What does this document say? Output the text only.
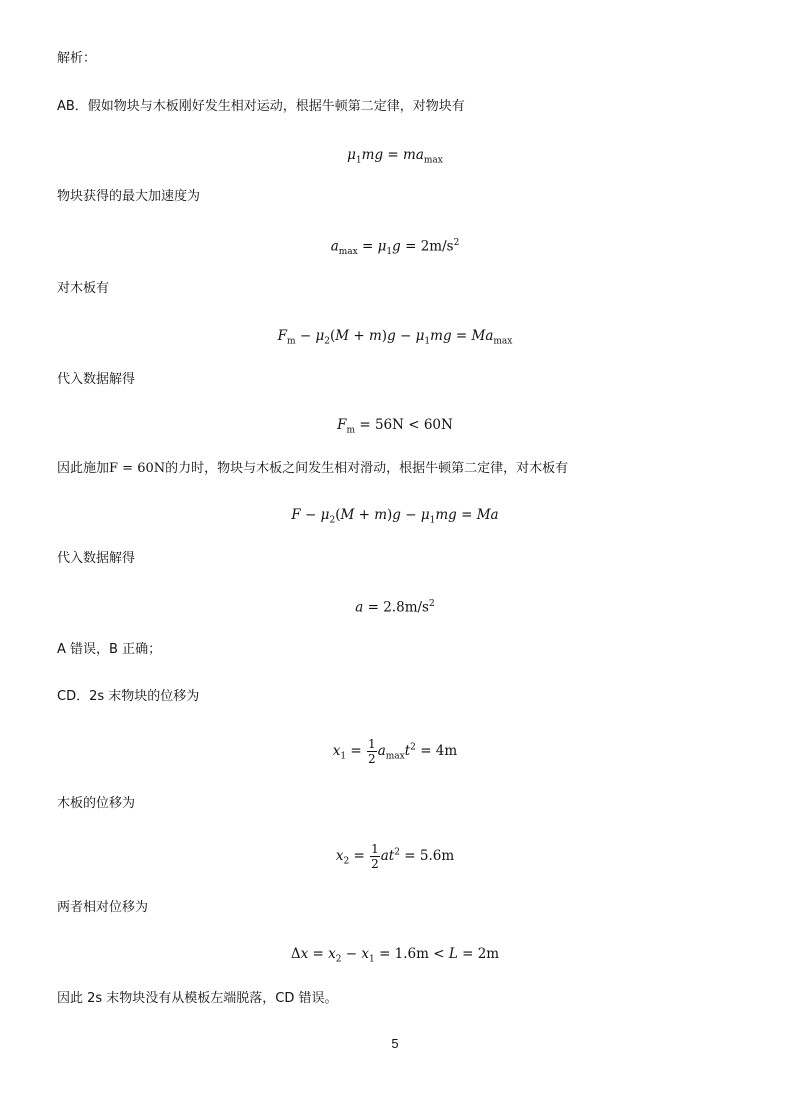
解析：
AB．假如物块与木板刚好发生相对运动，根据牛顿第二定律，对物块有
$\mu_1mg = ma_{max}$
物块获得的最大加速度为
$a_{max} = \mu_1g = 2m/s^2$
对木板有
$F_m - \mu_2(M + m)g - \mu_1mg = Ma_{max}$
代入数据解得
$F_m = 56N < 60N$
因此施加F = 60N的力时，物块与木板之间发生相对滑动，根据牛顿第二定律，对木板有
$F - \mu_2(M + m)g - \mu_1mg = Ma$
代入数据解得
$a = 2.8m/s^2$
A 错误，B 正确；
CD．2s 末物块的位移为
$x_1 = \frac{1}{2} a_{max}t^2 = 4m$
木板的位移为
$x_2 = \frac{1}{2} at^2 = 5.6m$
两者相对位移为
$\Delta x = x_2 - x_1 = 1.6m < L = 2m$
因此 2s 末物块没有从模板左端脱落，CD 错误。
5
